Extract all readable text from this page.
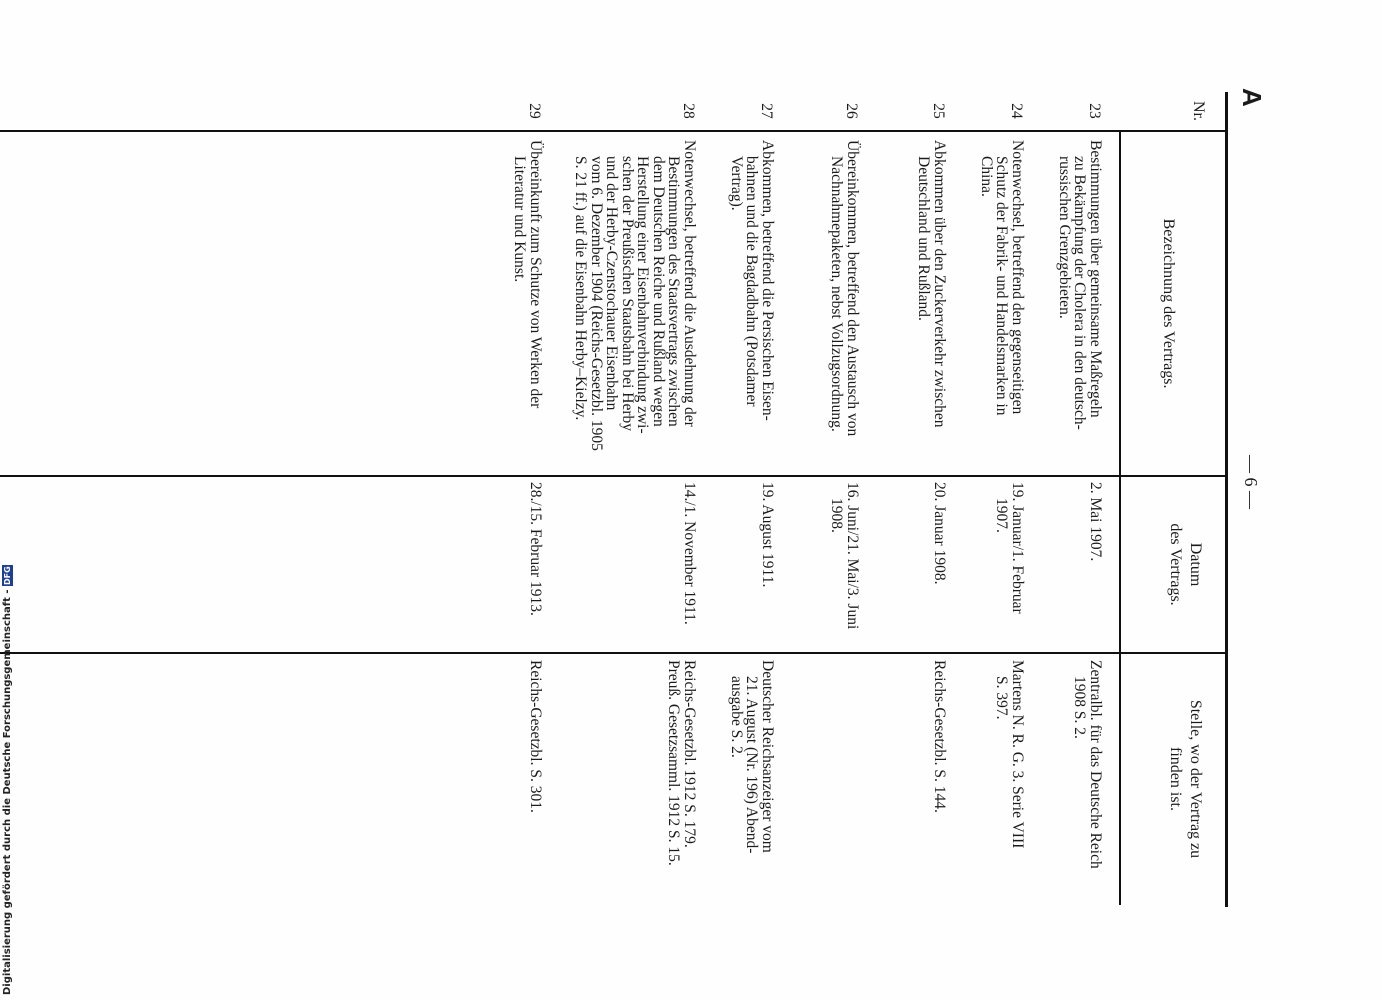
A
— 6 —
Nr.
Bezeichnung des Vertrags.
Datum
des Vertrags.
Stelle, wo der Vertrag zu
finden ist.
23
Bestimmungen über gemeinsame Maßregeln
zu Bekämpfung der Cholera in den deutsch-
russischen Grenzgebieten.
2. Mai 1907.
Zentralbl. für das Deutsche Reich
1908 S. 2.
24
Notenwechsel, betreffend den gegenseitigen
Schutz der Fabrik- und Handelsmarken in
China.
19. Januar/1. Februar
1907.
Martens N. R. G. 3. Serie VIII
S. 397.
25
Abkommen über den Zuckerverkehr zwischen
Deutschland und Rußland.
20. Januar 1908.
Reichs-Gesetzbl. S. 144.
26
Übereinkommen, betreffend den Austausch von
Nachnahmepaketen, nebst Vollzugsordnung.
16. Juni/21. Mai/3. Juni
1908.
27
Abkommen, betreffend die Persischen Eisen-
bahnen und die Bagdadbahn (Potsdamer
Vertrag).
19. August 1911.
Deutscher Reichsanzeiger vom
21. August (Nr. 196) Abend-
ausgabe S. 2.
28
Notenwechsel, betreffend die Ausdehnung der
Bestimmungen des Staatsvertrags zwischen
dem Deutschen Reiche und Rußland wegen
Herstellung einer Eisenbahnverbindung zwi-
schen der Preußischen Staatsbahn bei Herby
und der Herby-Czenstochauer Eisenbahn
vom 6. Dezember 1904 (Reichs-Gesetzbl. 1905
S. 21 ff.) auf die Eisenbahn Herby–Kielzy.
14./1. November 1911.
Reichs-Gesetzbl. 1912 S. 179.
Preuß. Gesetzsamml. 1912 S. 15.
29
Übereinkunft zum Schutze von Werken der
Literatur und Kunst.
28./15. Februar 1913.
Reichs-Gesetzbl. S. 301.
Digitalisierung gefördert durch die Deutsche Forschungsgemeinschaft - DFG
